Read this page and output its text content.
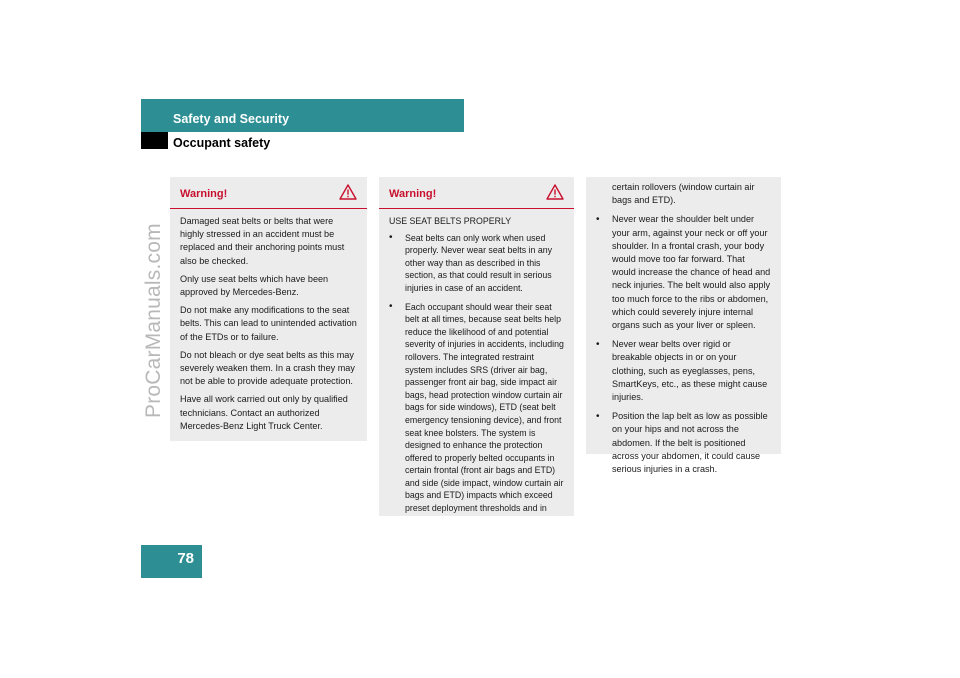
ProCarManuals.com
Safety and Security
Occupant safety
78
Warning!

Damaged seat belts or belts that were highly stressed in an accident must be replaced and their anchoring points must also be checked.

Only use seat belts which have been approved by Mercedes-Benz.

Do not make any modifications to the seat belts. This can lead to unintended activation of the ETDs or to failure.

Do not bleach or dye seat belts as this may severely weaken them. In a crash they may not be able to provide adequate protection.

Have all work carried out only by qualified technicians. Contact an authorized Mercedes-Benz Light Truck Center.

Warning!

USE SEAT BELTS PROPERLY

• Seat belts can only work when used properly. Never wear seat belts in any other way than as described in this section, as that could result in serious injuries in case of an accident.
• Each occupant should wear their seat belt at all times, because seat belts help reduce the likelihood of and potential severity of injuries in accidents, including rollovers. The integrated restraint system includes SRS (driver air bag, passenger front air bag, side impact air bags, head protection window curtain air bags for side windows), ETD (seat belt emergency tensioning device), and front seat knee bolsters. The system is designed to enhance the protection offered to properly belted occupants in certain frontal (front air bags and ETD) and side (side impact, window curtain air bags and ETD) impacts which exceed preset deployment thresholds and in

certain rollovers (window curtain air bags and ETD).

• Never wear the shoulder belt under your arm, against your neck or off your shoulder. In a frontal crash, your body would move too far forward. That would increase the chance of head and neck injuries. The belt would also apply too much force to the ribs or abdomen, which could severely injure internal organs such as your liver or spleen.
• Never wear belts over rigid or breakable objects in or on your clothing, such as eyeglasses, pens, SmartKeys, etc., as these might cause injuries.
• Position the lap belt as low as possible on your hips and not across the abdomen. If the belt is positioned across your abdomen, it could cause serious injuries in a crash.
